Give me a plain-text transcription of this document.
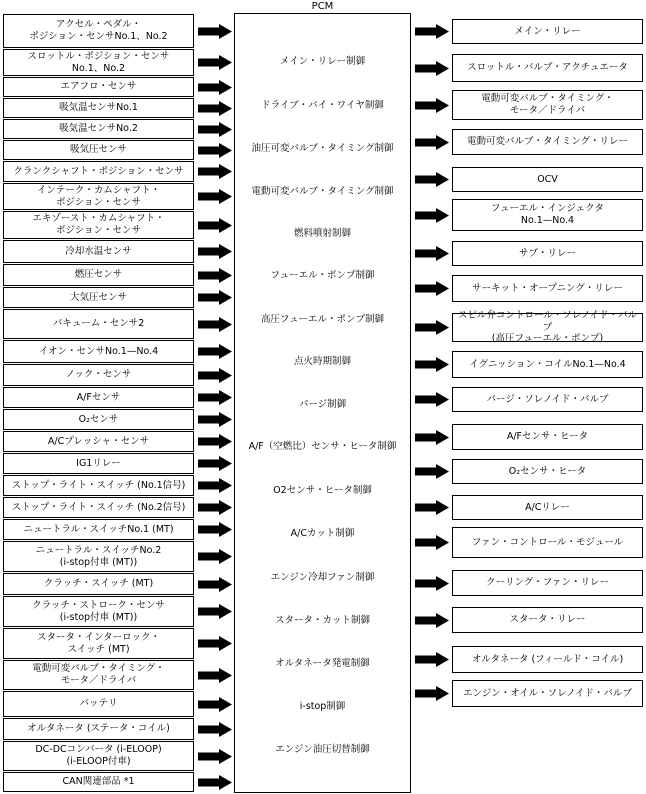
PCM
アクセル・ペダル・
ポジション・センサNo.1、No.2
スロットル・ポジション・センサ
No.1、No.2
エアフロ・センサ
吸気温センサNo.1
吸気温センサNo.2
吸気圧センサ
クランクシャフト・ポジション・センサ
インテーク・カムシャフト・
ポジション・センサ
エキゾースト・カムシャフト・
ポジション・センサ
冷却水温センサ
燃圧センサ
大気圧センサ
バキューム・センサ2
イオン・センサNo.1—No.4
ノック・センサ
A/Fセンサ
O₂センサ
A/Cプレッシャ・センサ
IG1リレー
ストップ・ライト・スイッチ (No.1信号)
ストップ・ライト・スイッチ (No.2信号)
ニュートラル・スイッチNo.1 (MT)
ニュートラル・スイッチNo.2
(i-stop付車 (MT))
クラッチ・スイッチ (MT)
クラッチ・ストローク・センサ
(i-stop付車 (MT))
スタータ・インターロック・
スイッチ (MT)
電動可変バルブ・タイミング・
モータ／ドライバ
バッテリ
オルタネータ (ステータ・コイル)
DC-DCコンバータ (i-ELOOP)
(i-ELOOP付車)
CAN関連部品 *1
メイン・リレー制御
ドライブ・バイ・ワイヤ制御
油圧可変バルブ・タイミング制御
電動可変バルブ・タイミング制御
燃料噴射制御
フューエル・ポンプ制御
高圧フューエル・ポンプ制御
点火時期制御
パージ制御
A/F（空燃比）センサ・ヒータ制御
O2センサ・ヒータ制御
A/Cカット制御
エンジン冷却ファン制御
スタータ・カット制御
オルタネータ発電制御
i-stop制御
エンジン油圧切替制御
メイン・リレー
スロットル・バルブ・アクチュエータ
電動可変バルブ・タイミング・
モータ／ドライバ
電動可変バルブ・タイミング・リレー
OCV
フューエル・インジェクタ
No.1—No.4
サブ・リレー
サーキット・オープニング・リレー
スピル弁コントロール・ソレノイド・バルブ
(高圧フューエル・ポンプ)
イグニッション・コイルNo.1—No.4
パージ・ソレノイド・バルブ
A/Fセンサ・ヒータ
O₂センサ・ヒータ
A/Cリレー
ファン・コントロール・モジュール
クーリング・ファン・リレー
スタータ・リレー
オルタネータ (フィールド・コイル)
エンジン・オイル・ソレノイド・バルブ
